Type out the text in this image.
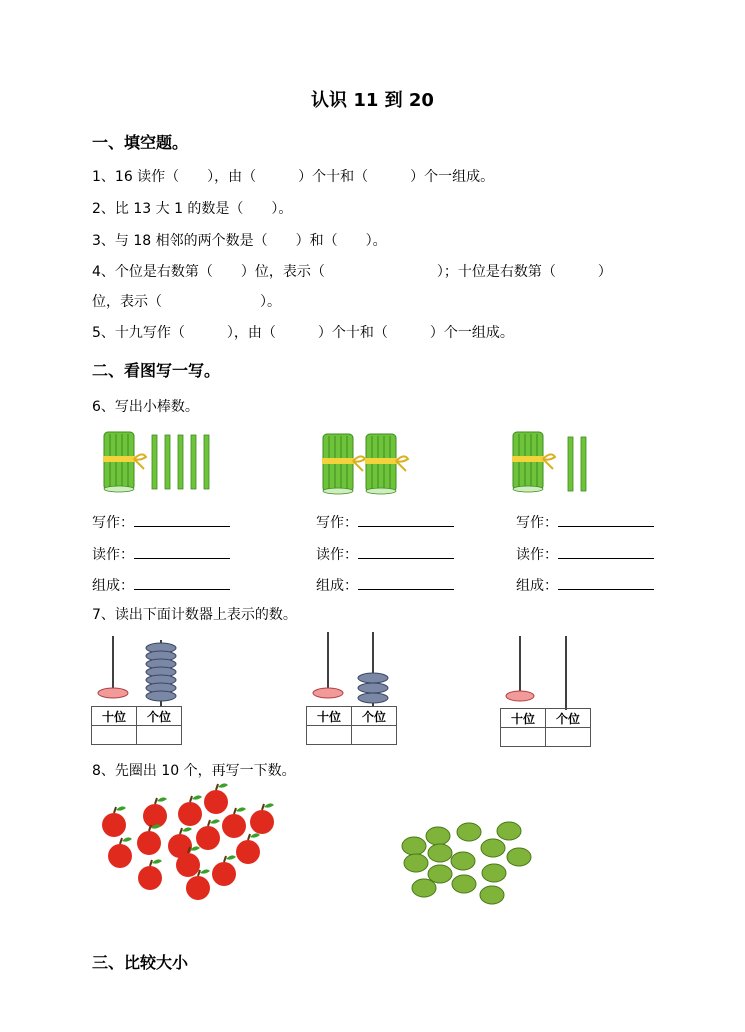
认识 11 到 20
一、填空题。
1、16 读作（　　），由（　　　）个十和（　　　）个一组成。
2、比 13 大 1 的数是（　　）。
3、与 18 相邻的两个数是（　　）和（　　）。
4、个位是右数第（　　）位，表示（　　　　　　　　）；十位是右数第（　　　）
位，表示（　　　　　　　）。
5、十九写作（　　　），由（　　　）个十和（　　　）个一组成。
二、看图写一写。
6、写出小棒数。
写作：	写作：	写作：
读作：	读作：	读作：
组成：	组成：	组成：
7、读出下面计数器上表示的数。
十位	个位
		十位	个位
		十位	个位

8、先圈出 10 个，再写一下数。
三、比较大小
